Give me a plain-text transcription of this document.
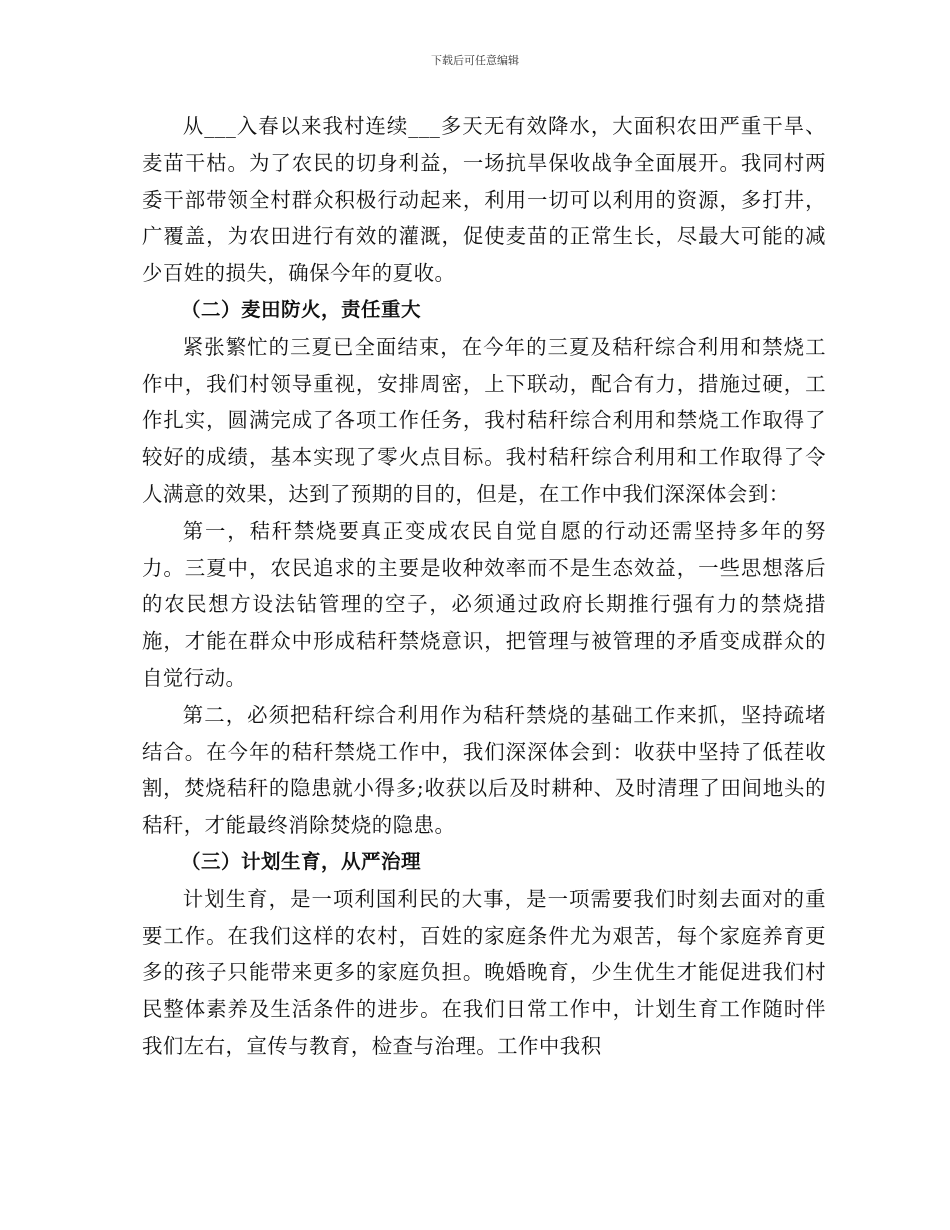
下载后可任意编辑

从___入春以来我村连续___多天无有效降水，大面积农田严重干旱、麦苗干枯。为了农民的切身利益，一场抗旱保收战争全面展开。我同村两委干部带领全村群众积极行动起来，利用一切可以利用的资源，多打井，广覆盖，为农田进行有效的灌溉，促使麦苗的正常生长，尽最大可能的减少百姓的损失，确保今年的夏收。

（二）麦田防火，责任重大

紧张繁忙的三夏已全面结束，在今年的三夏及秸秆综合利用和禁烧工作中，我们村领导重视，安排周密，上下联动，配合有力，措施过硬，工作扎实，圆满完成了各项工作任务，我村秸秆综合利用和禁烧工作取得了较好的成绩，基本实现了零火点目标。我村秸秆综合利用和工作取得了令人满意的效果，达到了预期的目的，但是，在工作中我们深深体会到：

第一，秸秆禁烧要真正变成农民自觉自愿的行动还需坚持多年的努力。三夏中，农民追求的主要是收种效率而不是生态效益，一些思想落后的农民想方设法钻管理的空子，必须通过政府长期推行强有力的禁烧措施，才能在群众中形成秸秆禁烧意识，把管理与被管理的矛盾变成群众的自觉行动。

第二，必须把秸秆综合利用作为秸秆禁烧的基础工作来抓，坚持疏堵结合。在今年的秸秆禁烧工作中，我们深深体会到：收获中坚持了低茬收割，焚烧秸秆的隐患就小得多;收获以后及时耕种、及时清理了田间地头的秸秆，才能最终消除焚烧的隐患。

（三）计划生育，从严治理

计划生育，是一项利国利民的大事，是一项需要我们时刻去面对的重要工作。在我们这样的农村，百姓的家庭条件尤为艰苦，每个家庭养育更多的孩子只能带来更多的家庭负担。晚婚晚育，少生优生才能促进我们村民整体素养及生活条件的进步。在我们日常工作中，计划生育工作随时伴我们左右，宣传与教育，检查与治理。工作中我积
